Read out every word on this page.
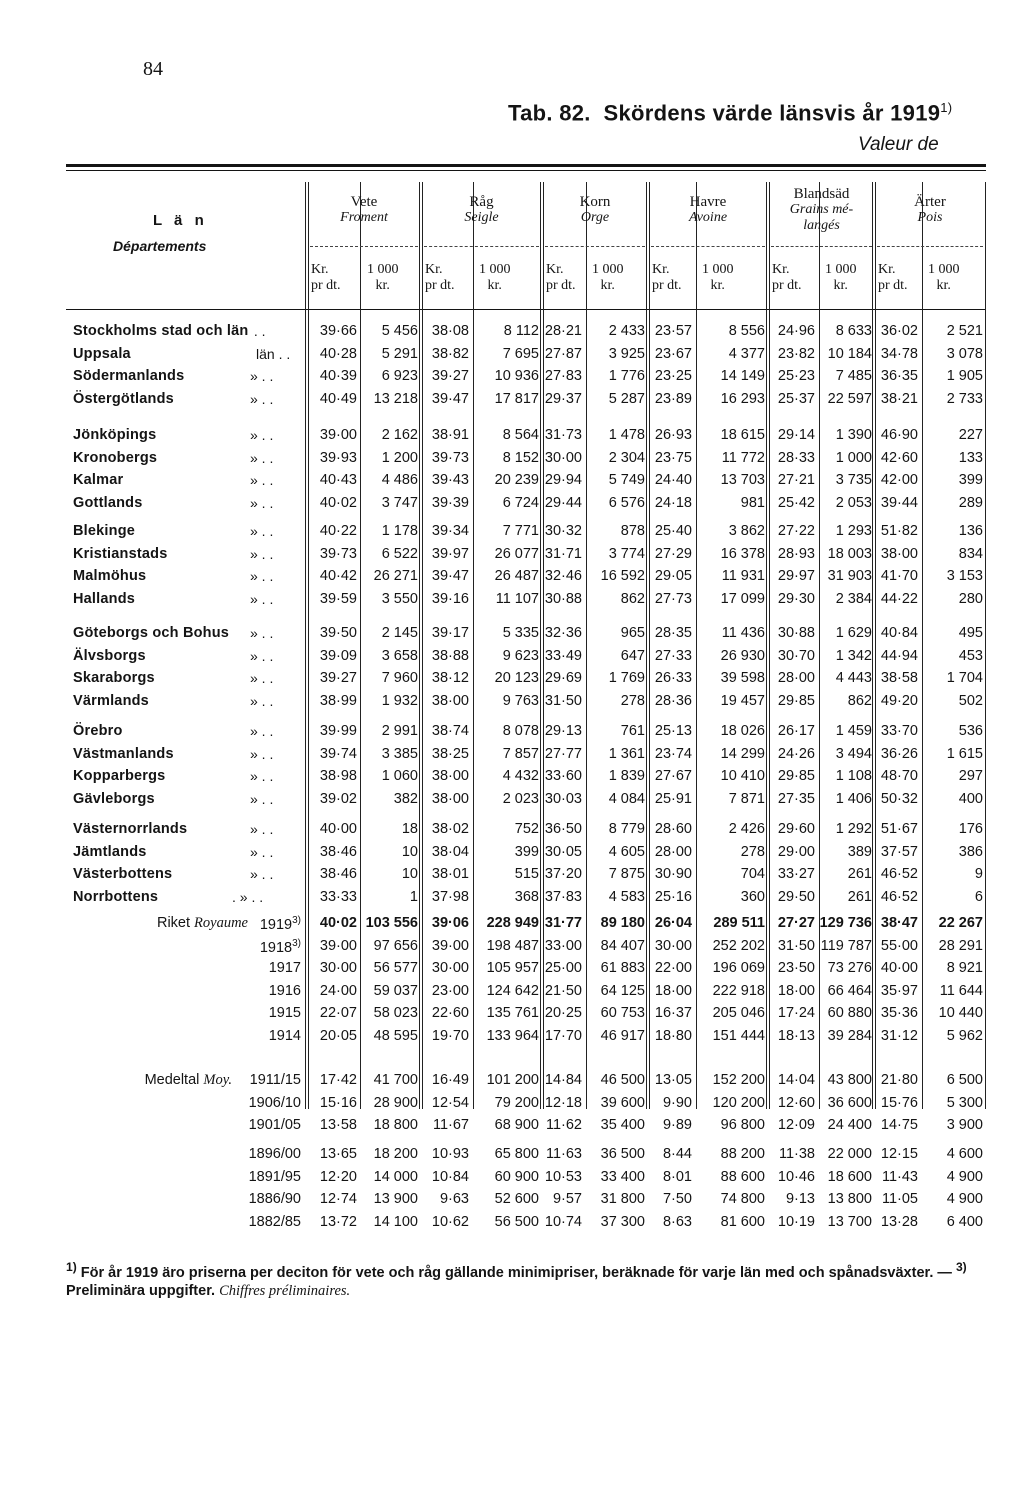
84
Tab. 82. Skördens värde länsvis år 1919$^{1)}$
Valeur de
L ä n
Départements
Vete
Froment
Kr.
pr dt.
1 000
kr.
Råg
Seigle
Kr.
pr dt.
1 000
kr.
Korn
Orge
Kr.
pr dt.
1 000
kr.
Havre
Avoine
Kr.
pr dt.
1 000
kr.
Blandsäd
Grains mé-
langés
Kr.
pr dt.
1 000
kr.
Ärter
Pois
Kr.
pr dt.
1 000
kr.
Stockholms stad och län . .	39·66 5 456 38·08 8 112 28·21 2 433 23·57	8 556 24·96 8 633 36·02 2 521
Uppsala	län . . 40·28 5 291 38·82 7 695 27·87 3 925 23·67	4 377 23·82 10 184 34·78 3 078
Södermanlands	» . .	40·39 6 923 39·27 10 936 27·83 1 776 23·25 14 149 25·23 7 485 36·35 1 905
Östergötlands	» . .	40·49 13 218 39·47 17 817 29·37 5 287 23·89 16 293 25·37 22 597 38·21 2 733
Jönköpings	» . .	39·00 2 162 38·91 8 564 31·73 1 478 26·93 18 615 29·14 1 390 46·90	227
Kronobergs	» . .	39·93 1 200 39·73 8 152 30·00 2 304 23·75 11 772 28·33 1 000 42·60	133
Kalmar	» . .	40·43 4 486 39·43 20 239 29·94 5 749 24·40 13 703 27·21 3 735 42·00	399
Gottlands	» . .	40·02 3 747 39·39 6 724 29·44 6 576 24·18	981 25·42 2 053 39·44	289
Blekinge	» . .	40·22 1 178 39·34 7 771 30·32	878 25·40	3 862 27·22 1 293 51·82	136
Kristianstads	» . .	39·73 6 522 39·97 26 077 31·71 3 774 27·29 16 378 28·93 18 003 38·00	834
Malmöhus	» . .	40·42 26 271 39·47 26 487 32·46 16 592 29·05 11 931 29·97 31 903 41·70 3 153
Hallands	» . .	39·59 3 550 39·16 11 107 30·88	862 27·73 17 099 29·30 2 384 44·22	280
Göteborgs och Bohus » . .	39·50 2 145 39·17 5 335 32·36	965 28·35 11 436 30·88 1 629 40·84	495
Älvsborgs	» . .	39·09 3 658 38·88 9 623 33·49	647 27·33 26 930 30·70 1 342 44·94	453
Skaraborgs	» . .	39·27 7 960 38·12 20 123 29·69 1 769 26·33 39 598 28·00 4 443 38·58 1 704
Värmlands	» . .	38·99 1 932 38·00 9 763 31·50	278 28·36 19 457 29·85 862 49·20	502
Örebro	» . .	39·99 2 991 38·74 8 078 29·13	761 25·13 18 026 26·17 1 459 33·70	536
Västmanlands	» . .	39·74 3 385 38·25 7 857 27·77 1 361 23·74 14 299 24·26 3 494 36·26 1 615
Kopparbergs	» . .	38·98 1 060 38·00 4 432 33·60 1 839 27·67 10 410 29·85 1 108 48·70	297
Gävleborgs	» . .	39·02	382 38·00 2 023 30·03 4 084 25·91	7 871 27·35 1 406 50·32	400
Västernorrlands	» . .	40·00	18 38·02	752 36·50 8 779 28·60	2 426 29·60 1 292 51·67	176
Jämtlands	» . .	38·46	10 38·04	399 30·05 4 605 28·00	278 29·00 389 37·57	386
Västerbottens	» . .	38·46	10 38·01	515 37·20 7 875 30·90	704 33·27 261 46·52	9
Norrbottens	. » . .	33·33	1 37·98	368 37·83 4 583 25·16	360 29·50 261 46·52	6
Riket Royaume 1919$^{3)}$ 40·02 103 556 39·06 228 949 31·77 89 180 26·04 289 511 27·27 129 736 38·47 22 267
1918$^{3)}$ 39·00 97 656 39·00 198 487 33·00 84 407 30·00 252 202 31·50 119 787 55·00 28 291
1917 30·00 56 577 30·00 105 957 25·00 61 883 22·00 196 069 23·50 73 276 40·00 8 921
1916 24·00 59 037 23·00 124 642 21·50 64 125 18·00 222 918 18·00 66 464 35·97 11 644
1915 22·07 58 023 22·60 135 761 20·25 60 753 16·37 205 046 17·24 60 880 35·36 10 440
1914 20·05 48 595 19·70 133 964 17·70 46 917 18·80 151 444 18·13 39 284 31·12 5 962
Medeltal Moy. 1911/15 17·42 41 700 16·49 101 200 14·84 46 500 13·05 152 200 14·04 43 800 21·80 6 500
1906/10 15·16 28 900 12·54 79 200 12·18 39 600 9·90 120 200 12·60 36 600 15·76 5 300
1901/05 13·58 18 800 11·67 68 900 11·62 35 400 9·89 96 800 12·09 24 400 14·75 3 900
1896/00 13·65 18 200 10·93 65 800 11·63 36 500 8·44 88 200 11·38 22 000 12·15 4 600
1891/95 12·20 14 000 10·84 60 900 10·53 33 400 8·01 88 600 10·46 18 600 11·43 4 900
1886/90 12·74 13 900 9·63 52 600 9·57 31 800 7·50 74 800 9·13 13 800 11·05 4 900
1882/85 13·72 14 100 10·62 56 500 10·74 37 300 8·63 81 600 10·19 13 700 13·28 6 400
$^{1)}$ För år 1919 äro priserna per deciton för vete och råg gällande minimipriser, beräknade för varje län med och spånadsväxter. — $^{3)}$ Preliminära uppgifter. Chiffres préliminaires.
